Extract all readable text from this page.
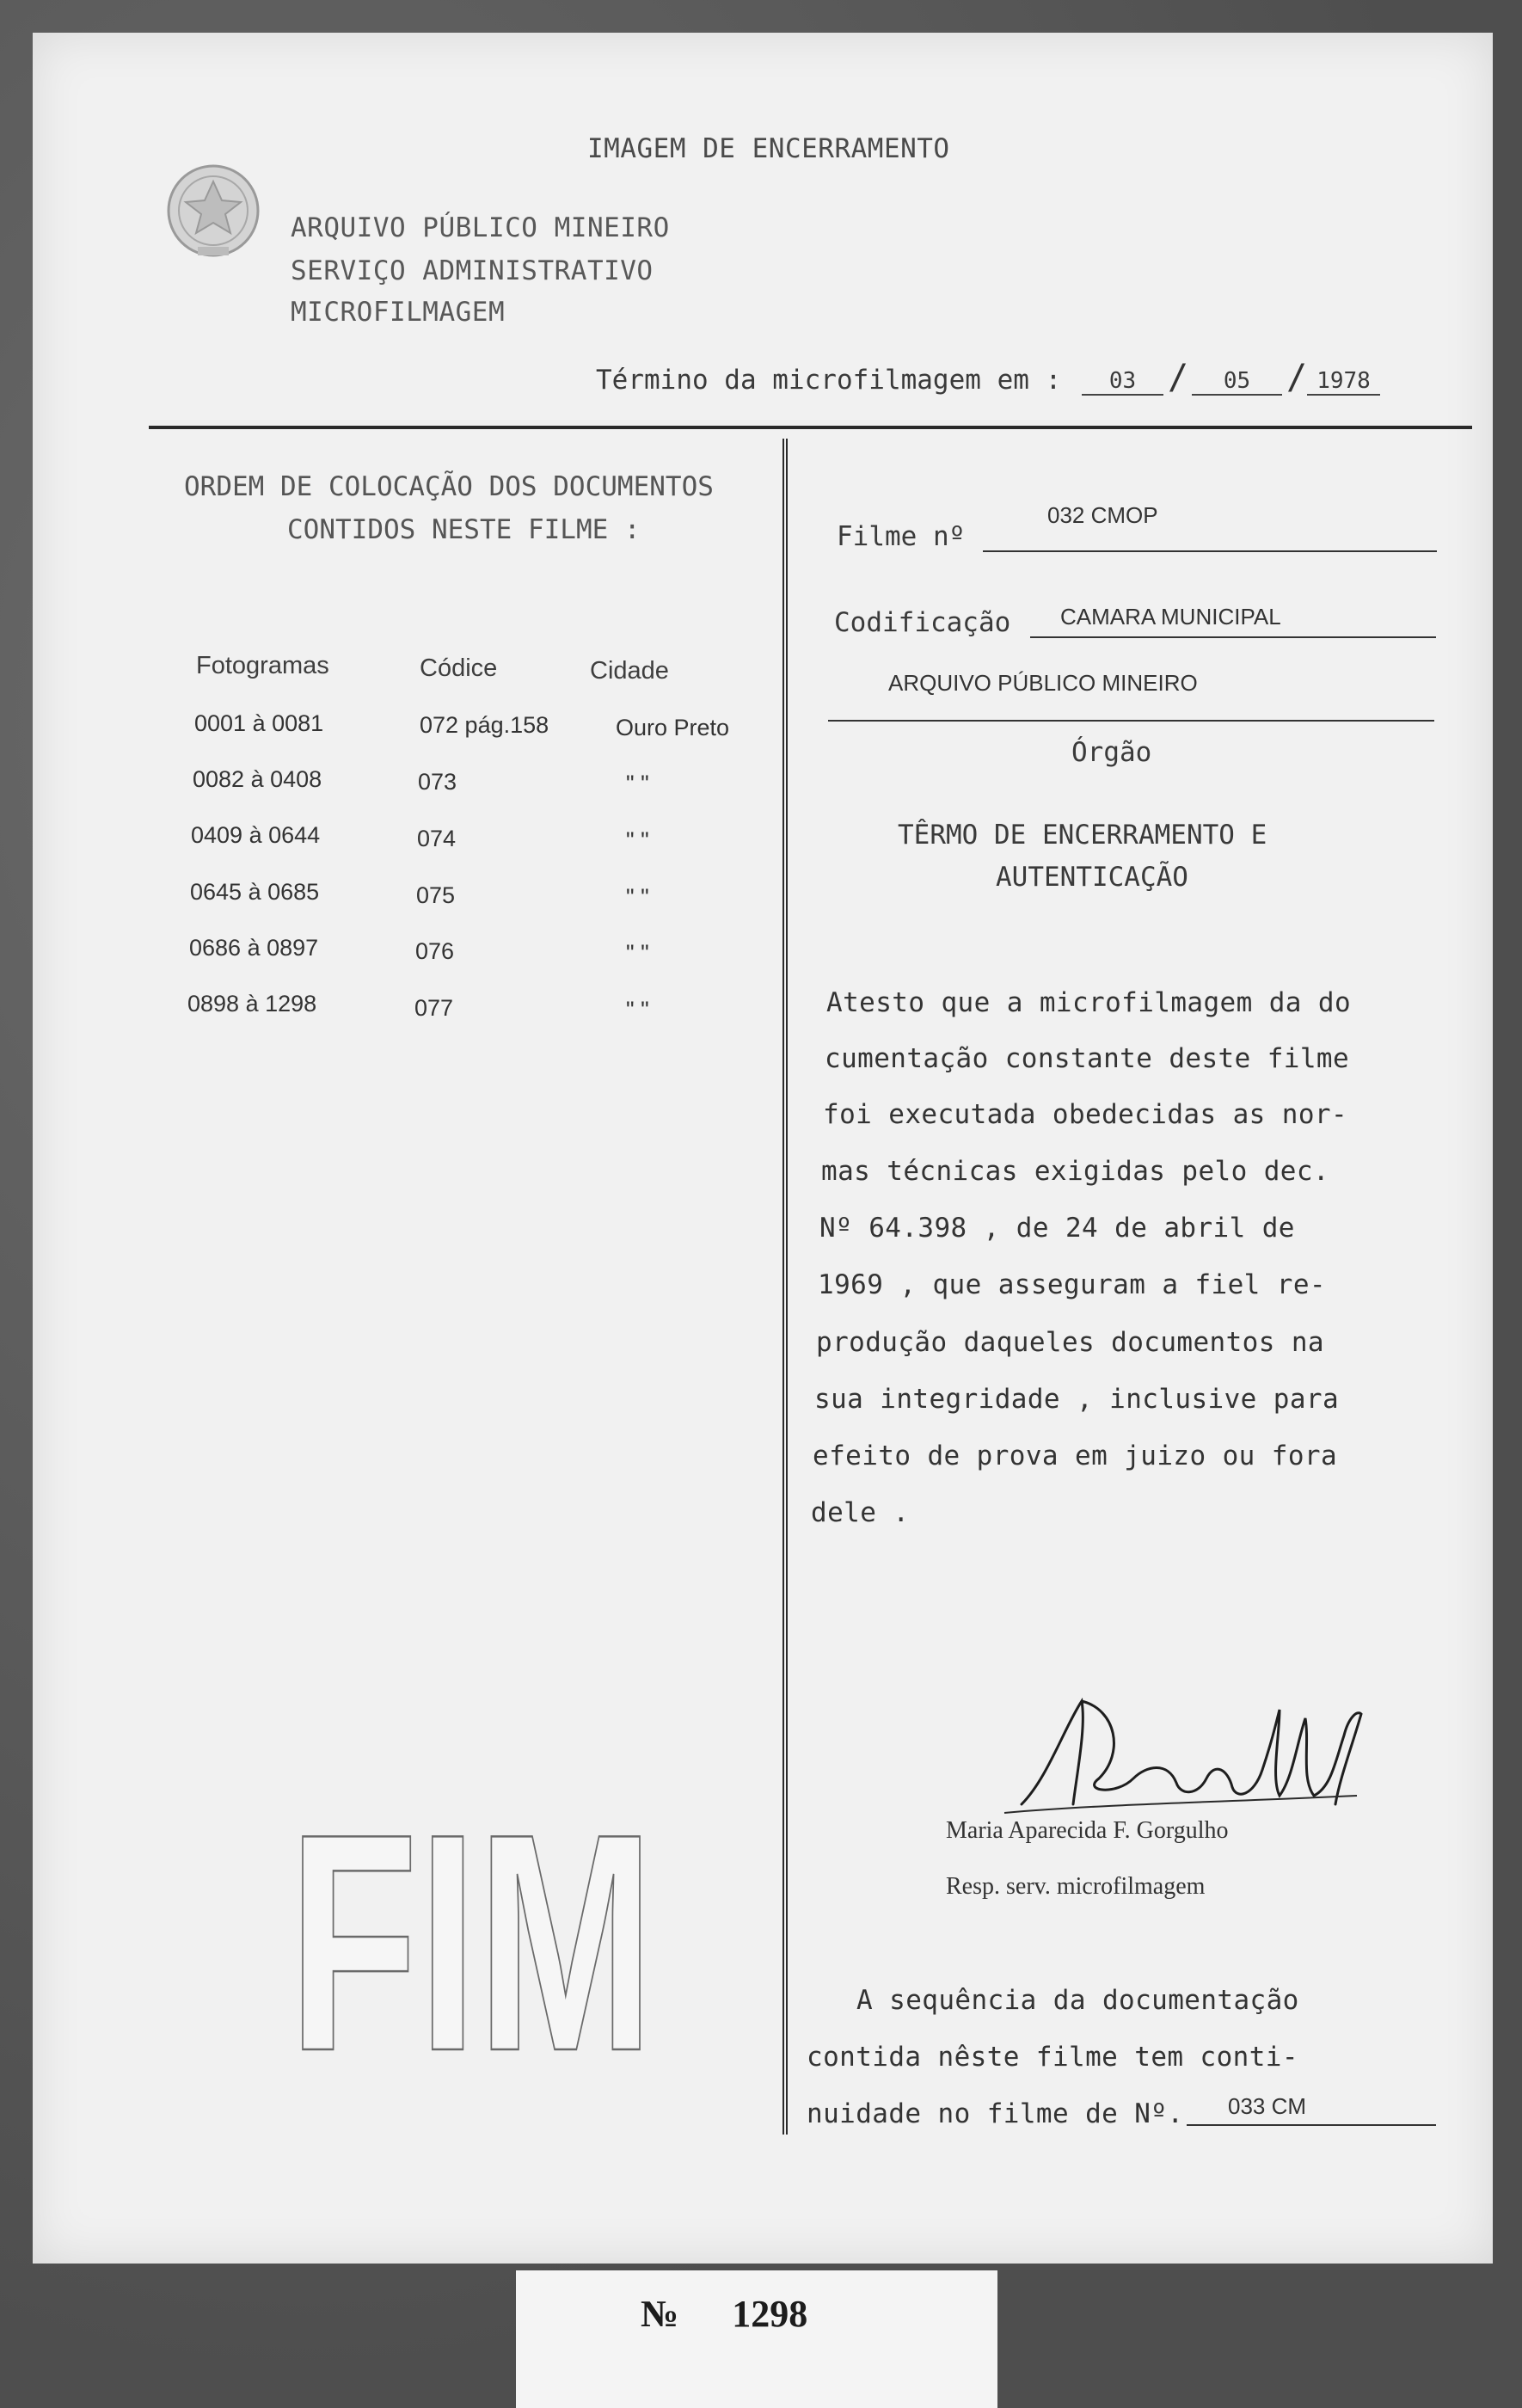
IMAGEM DE ENCERRAMENTO
ARQUIVO PÚBLICO MINEIRO
SERVIÇO ADMINISTRATIVO
MICROFILMAGEM
Término da microfilmagem em :	03 /	05	/ 1978
ORDEM DE COLOCAÇÃO DOS DOCUMENTOS
CONTIDOS NESTE FILME :
Fotogramas	Códice	Cidade
0001 à 0081	072 pág.158	Ouro Preto
0082 à 0408	073	" "
0409 à 0644	074	" "
0645 à 0685	075	" "
0686 à 0897	076	" "
0898 à 1298	077	" "
FIM
Filme nº
032 CMOP
Codificação CAMARA MUNICIPAL
ARQUIVO PÚBLICO MINEIRO
Órgão
TÊRMO DE ENCERRAMENTO E
AUTENTICAÇÃO
Atesto que a microfilmagem da do
cumentação constante deste filme
foi executada obedecidas as nor-
mas técnicas exigidas pelo dec.
Nº 64.398 , de 24 de abril de
1969 , que asseguram a fiel re-
produção daqueles documentos na
sua integridade , inclusive para
efeito de prova em juizo ou fora
dele .
Maria Aparecida F. Gorgulho
Resp. serv. microfilmagem
A sequência da documentação
contida nêste filme tem conti-
nuidade no filme de Nº. 033 CM
№ 1298
